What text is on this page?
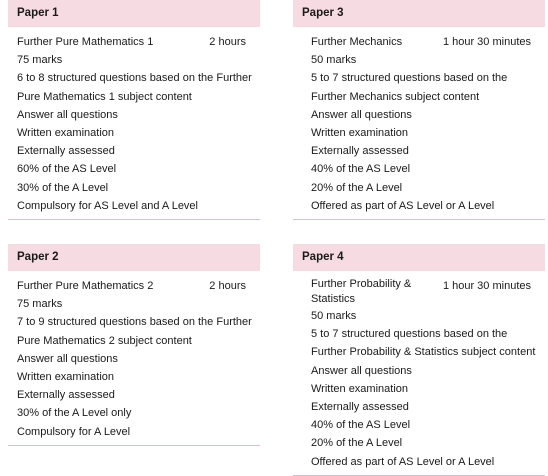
Paper 1
Further Pure Mathematics 1	2 hours
75 marks
6 to 8 structured questions based on the Further Pure Mathematics 1 subject content
Answer all questions
Written examination
Externally assessed
60% of the AS Level
30% of the A Level
Compulsory for AS Level and A Level
Paper 3
Further Mechanics	1 hour 30 minutes
50 marks
5 to 7 structured questions based on the Further Mechanics subject content
Answer all questions
Written examination
Externally assessed
40% of the AS Level
20% of the A Level
Offered as part of AS Level or A Level
Paper 2
Further Pure Mathematics 2	2 hours
75 marks
7 to 9 structured questions based on the Further Pure Mathematics 2 subject content
Answer all questions
Written examination
Externally assessed
30% of the A Level only
Compulsory for A Level
Paper 4
Further Probability & Statistics
1 hour 30 minutes
50 marks
5 to 7 structured questions based on the Further Probability & Statistics subject content
Answer all questions
Written examination
Externally assessed
40% of the AS Level
20% of the A Level
Offered as part of AS Level or A Level
